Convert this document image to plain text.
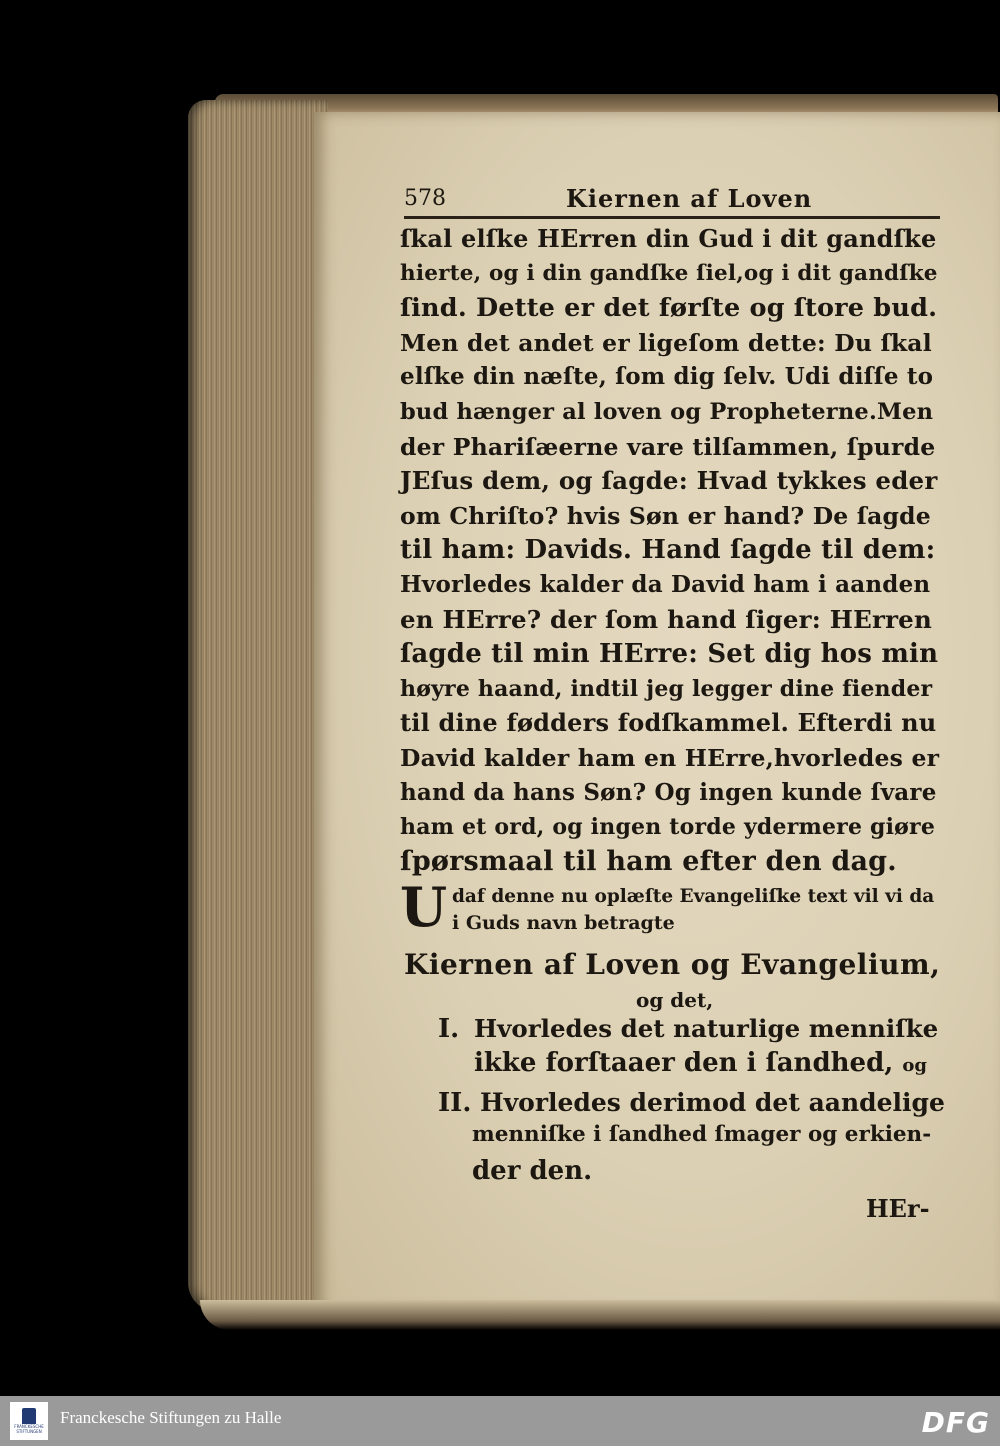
578	Kiernen af Loven
ſkal elſke HErren din Gud i dit gandſke
hierte, og i din gandſke ſiel,og i dit gandſke
ſind. Dette er det førſte og ſtore bud.
Men det andet er ligeſom dette: Du ſkal
elſke din næſte, ſom dig ſelv. Udi diſſe to
bud hænger al loven og Propheterne.Men
der Phariſæerne vare tilſammen, ſpurde
JEſus dem, og ſagde: Hvad tykkes eder
om Chriſto? hvis Søn er hand? De ſagde
til ham: Davids. Hand ſagde til dem:
Hvorledes kalder da David ham i aanden
en HErre? der ſom hand ſiger: HErren
ſagde til min HErre: Set dig hos min
høyre haand, indtil jeg legger dine fiender
til dine fødders fodſkammel. Efterdi nu
David kalder ham en HErre,hvorledes er
hand da hans Søn? Og ingen kunde ſvare
ham et ord, og ingen torde ydermere giøre
ſpørsmaal til ham efter den dag.
U daf denne nu oplæſte Evangeliſke text vil vi da
i Guds navn betragte
Kiernen af Loven og Evangelium,
og det,
I. Hvorledes det naturlige menniſke
ikke forſtaaer den i ſandhed, og
II. Hvorledes derimod det aandelige
menniſke i ſandhed ſmager og erkien-
der den.
HEr-
FRANCKESCHE
STIFTUNGEN
Franckesche Stiftungen zu Halle	DFG
